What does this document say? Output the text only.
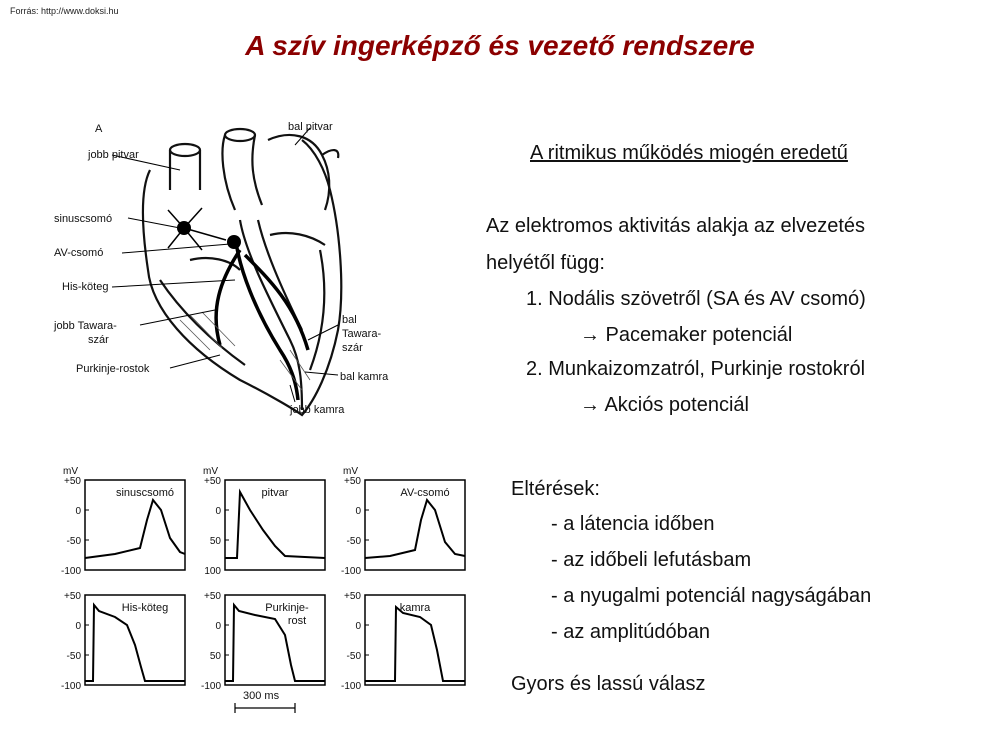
Forrás: http://www.doksi.hu
A szív ingerképző és vezető rendszere
A
jobb pitvar
bal pitvar
sinuscsomó
AV-csomó
His-köteg
jobb Tawara-
szár
Purkinje-rostok
bal
Tawara-
szár
bal kamra
jobb kamra
mV
+50
0
-50
-100
sinuscsomó
mV
+50
0
50
100
pitvar
mV
+50
0
-50
-100
AV-csomó
+50
0
-50
-100
His-köteg
+50
0
50
-100
Purkinje-
rost
+50
0
-50
-100
kamra
300 ms
A ritmikus működés miogén eredetű
Az elektromos aktivitás alakja az elvezetés
helyétől függ:
1. Nodális szövetről (SA és AV csomó)
→ Pacemaker potenciál
2. Munkaizomzatról, Purkinje rostokról
→ Akciós potenciál
Eltérések:
- a látencia időben
- az időbeli lefutásbam
- a nyugalmi potenciál nagyságában
- az amplitúdóban
Gyors és lassú válasz
